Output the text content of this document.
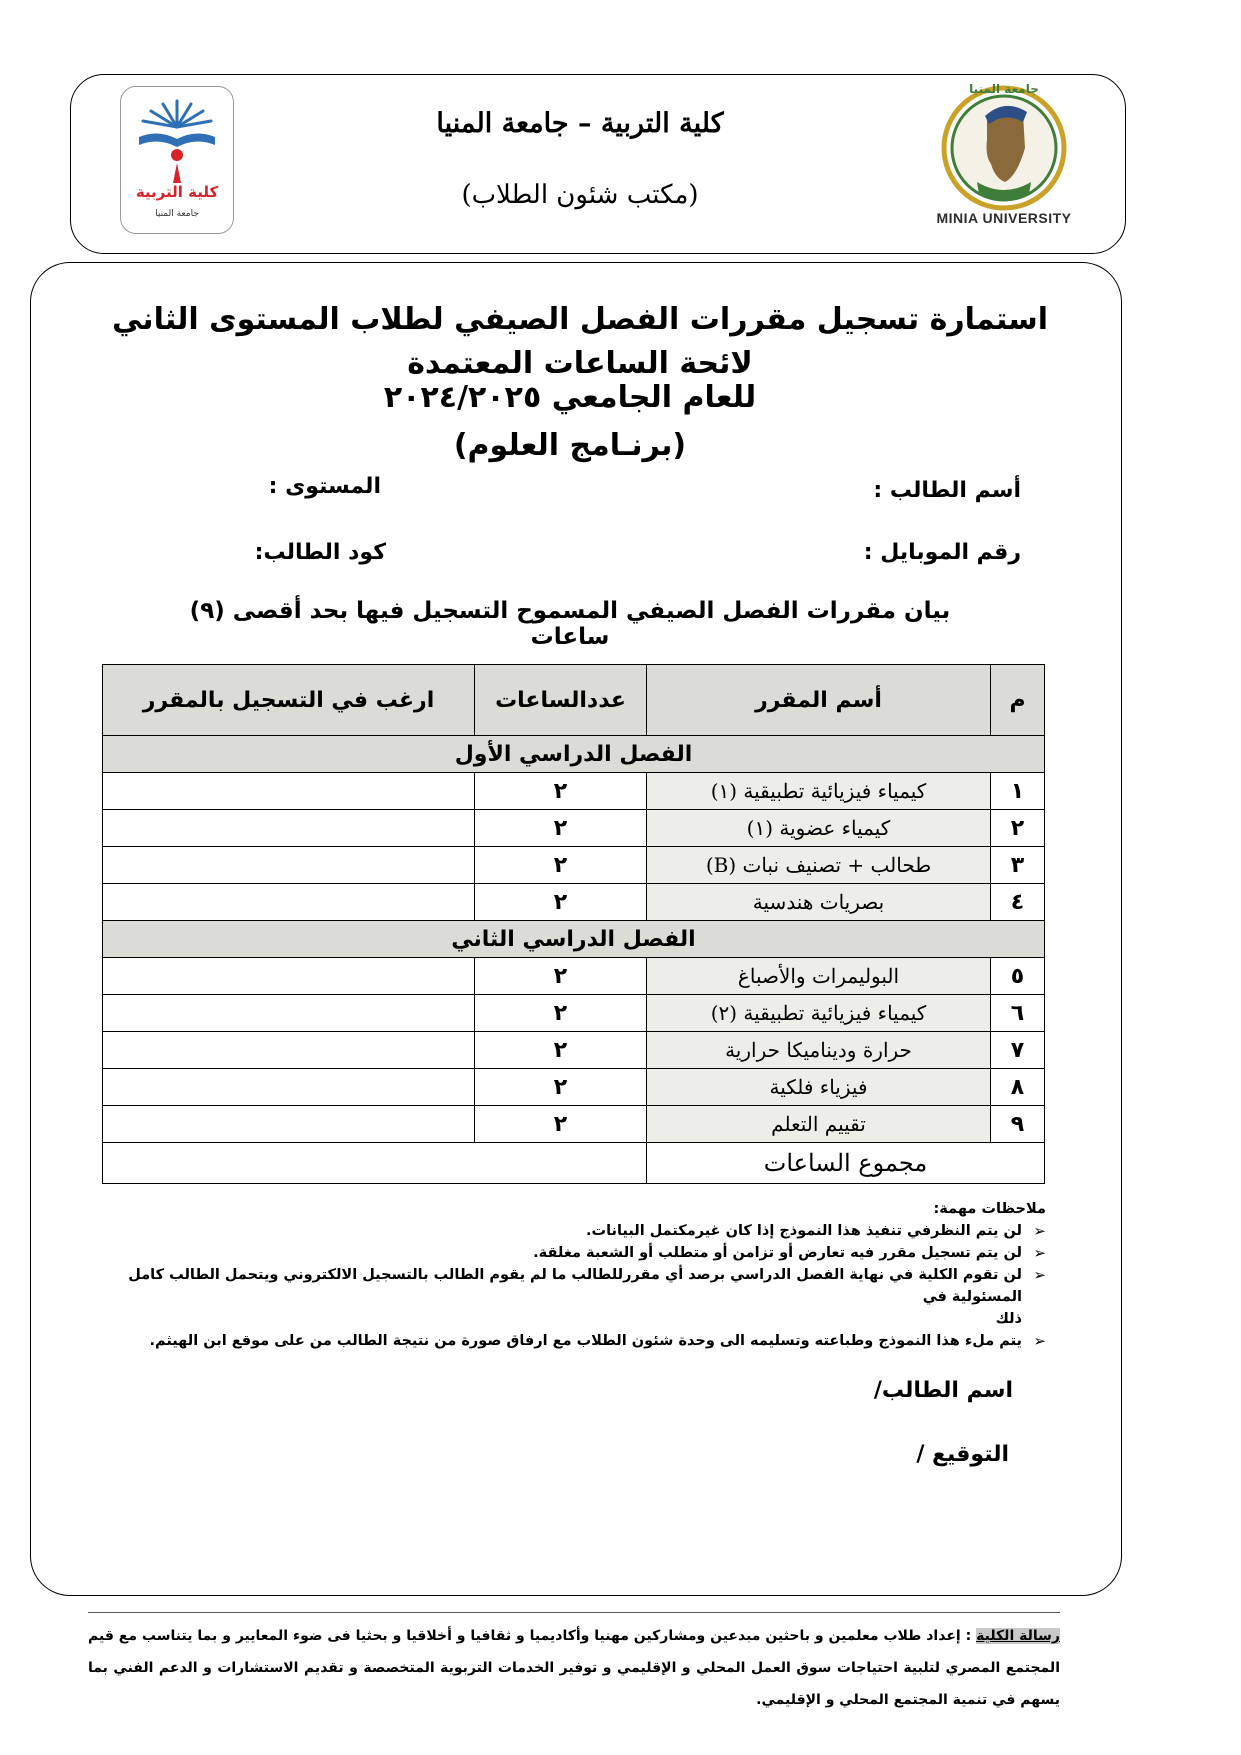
كلية التربية – جامعة المنيا
(مكتب شئون الطلاب)
كلية التربية
جامعة المنيا	MINIA UNIVERSITY
جامعة المنيا
استمارة تسجيل مقررات الفصل الصيفي لطلاب المستوى الثاني لائحة الساعات المعتمدة
للعام الجامعي ٢٠٢٤/٢٠٢٥
(برنـامج العلوم)
أسم الطالب :
المستوى :
رقم الموبايل :
كود الطالب:
بيان مقررات الفصل الصيفي المسموح التسجيل فيها بحد أقصى (٩) ساعات
م	أسم المقرر	عددالساعات	ارغب في التسجيل بالمقرر
الفصل الدراسي الأول			
١	كيمياء فيزيائية تطبيقية (١)	٢	
٢	كيمياء عضوية (١)	٢	
٣	طحالب + تصنيف نبات (B)	٢	
٤	بصريات هندسية	٢	
الفصل الدراسي الثاني			
٥	البوليمرات والأصباغ	٢	
٦	كيمياء فيزيائية تطبيقية (٢)	٢	
٧	حرارة وديناميكا حرارية	٢	
٨	فيزياء فلكية	٢	
٩	تقييم التعلم	٢	
مجموع الساعات			
ملاحظات مهمة:
➢
لن يتم النظرفي تنفيذ هذا النموذج إذا كان غيرمكتمل البيانات.
➢
لن يتم تسجيل مقرر فيه تعارض أو تزامن أو متطلب أو الشعبة مغلقة.
➢
لن تقوم الكلية في نهاية الفصل الدراسي برصد أي مقررللطالب ما لم يقوم الطالب بالتسجيل الالكتروني ويتحمل الطالب كامل المسئولية في
ذلك
➢
يتم ملء هذا النموذج وطباعته وتسليمه الى وحدة شئون الطلاب مع ارفاق صورة من نتيجة الطالب من على موقع ابن الهيثم.
اسم الطالب/
التوقيع /
رسالة الكلية : إعداد طلاب معلمين و باحثين مبدعين ومشاركين مهنيا وأكاديميا و ثقافيا و أخلاقيا و بحثيا فى ضوء المعايير و بما يتناسب مع قيم المجتمع المصري لتلبية احتياجات سوق العمل المحلي و الإقليمي و توفير الخدمات التربوية المتخصصة و تقديم الاستشارات و الدعم الفني بما يسهم في تنمية المجتمع المحلي و الإقليمي.
